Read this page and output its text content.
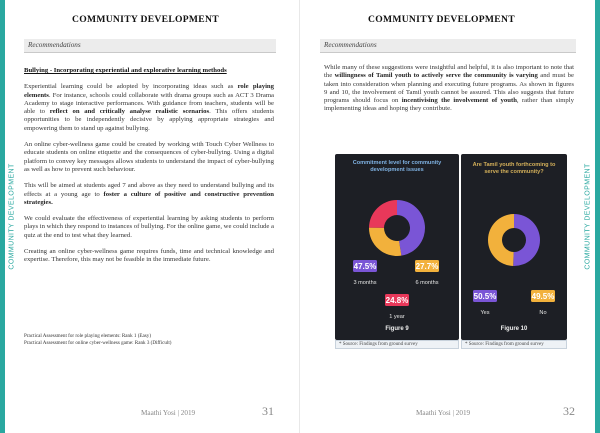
COMMUNITY DEVELOPMENT
COMMUNITY DEVELOPMENT
Recommendations

Bullying - Incorporating experiential and explorative learning methods

Experiential learning could be adopted by incorporating ideas such as role playing elements. For instance, schools could collaborate with drama groups such as ACT 3 Drama Academy to stage interactive performances. With guidance from teachers, students will be able to reflect on and critically analyse realistic scenarios. This offers students opportunities to be independently decisive by applying appropriate strategies and empowering them to stand up against bullying.

An online cyber-wellness game could be created by working with Touch Cyber Wellness to educate students on online etiquette and the consequences of cyber-bullying. Using a digital platform to convey key messages allows students to understand the impact of cyber-bullying as well as how to prevent such behaviour.

This will be aimed at students aged 7 and above as they need to understand bullying and its effects at a young age to foster a culture of positive and constructive prevention strategies.

We could evaluate the effectiveness of experiential learning by asking students to perform plays in which they respond to instances of bullying. For the online game, we could include a quiz at the end to test what they learned.

Creating an online cyber-wellness game requires funds, time and technical knowledge and expertise. Therefore, this may not be feasible in the immediate future.

Practical Assessment for role playing elements: Rank 1 (Easy)
Practical Assessment for online cyber-wellness game: Rank 3 (Difficult)
Maathi Yosi | 2019	31
COMMUNITY DEVELOPMENT
COMMUNITY DEVELOPMENT
Recommendations

While many of these suggestions were insightful and helpful, it is also important to note that the willingness of Tamil youth to actively serve the community is varying and must be taken into consideration when planning and executing future programs. As shown in figures 9 and 10, the involvement of Tamil youth cannot be assured. This also suggests that future programs should focus on incentivising the involvement of youth, rather than simply implementing ideas and hoping they contribute.

Commitment level for community development issues
47.5%	27.7%
3 months	6 months
24.8%
1 year
Figure 9
* Source: Findings from ground survey
Are Tamil youth forthcoming to serve the community?
50.5%	49.5%
Yes	No
Figure 10
* Source: Findings from ground survey
Maathi Yosi | 2019	32
